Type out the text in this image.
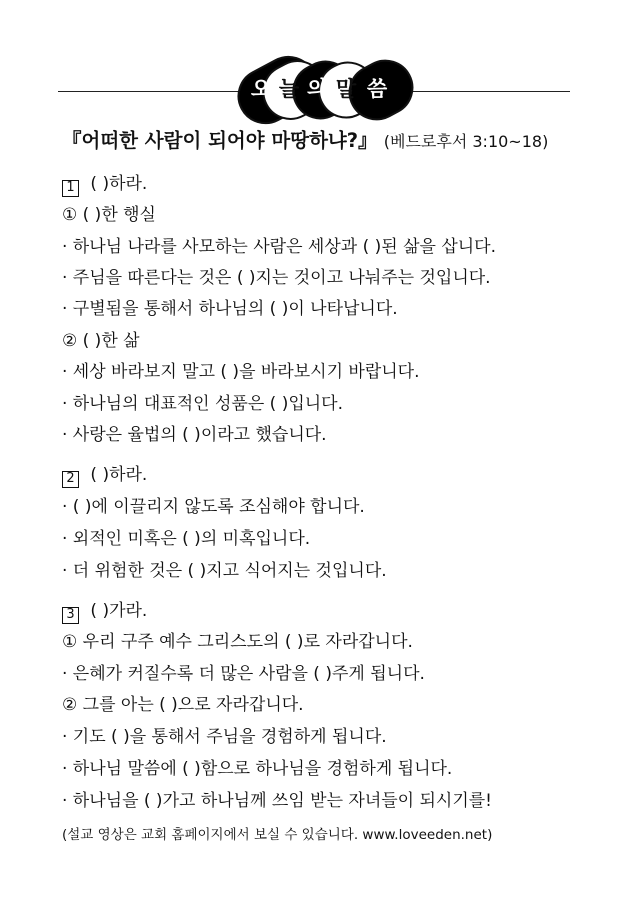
오 늘 의 말 씀
『어떠한 사람이 되어야 마땅하냐?』 (베드로후서 3:10~18)
1 ( )하라.
① ( )한 행실
· 하나님 나라를 사모하는 사람은 세상과 ( )된 삶을 삽니다.
· 주님을 따른다는 것은 ( )지는 것이고 나눠주는 것입니다.
· 구별됨을 통해서 하나님의 ( )이 나타납니다.
② ( )한 삶
· 세상 바라보지 말고 ( )을 바라보시기 바랍니다.
· 하나님의 대표적인 성품은 ( )입니다.
· 사랑은 율법의 ( )이라고 했습니다.
2 ( )하라.
· ( )에 이끌리지 않도록 조심해야 합니다.
· 외적인 미혹은 ( )의 미혹입니다.
· 더 위험한 것은 ( )지고 식어지는 것입니다.
3 ( )가라.
① 우리 구주 예수 그리스도의 ( )로 자라갑니다.
· 은혜가 커질수록 더 많은 사람을 ( )주게 됩니다.
② 그를 아는 ( )으로 자라갑니다.
· 기도 ( )을 통해서 주님을 경험하게 됩니다.
· 하나님 말씀에 ( )함으로 하나님을 경험하게 됩니다.
· 하나님을 ( )가고 하나님께 쓰임 받는 자녀들이 되시기를!
(설교 영상은 교회 홈페이지에서 보실 수 있습니다. www.loveeden.net)
